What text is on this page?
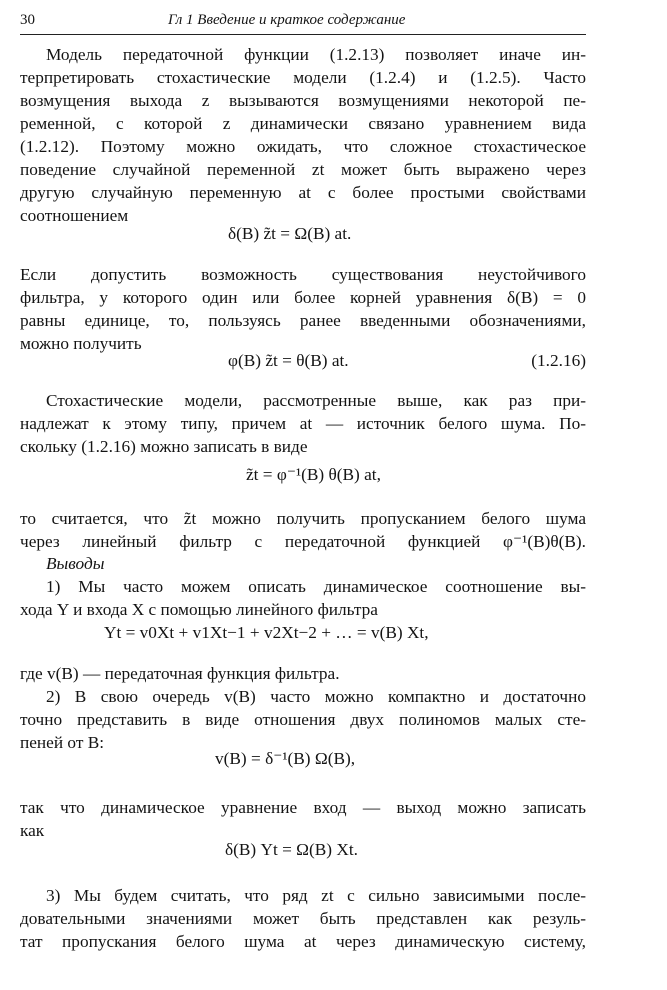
30	Гл 1 Введение и краткое содержание
Модель передаточной функции (1.2.13) позволяет иначе ин-
терпретировать стохастические модели (1.2.4) и (1.2.5). Часто
возмущения выхода z вызываются возмущениями некоторой пе-
ременной, с которой z динамически связано уравнением вида
(1.2.12). Поэтому можно ожидать, что сложное стохастическое
поведение случайной переменной zt может быть выражено через
другую случайную переменную at с более простыми свойствами
соотношением
δ(B) z̃t = Ω(B) at.
Если допустить возможность существования неустойчивого
фильтра, у которого один или более корней уравнения δ(B) = 0
равны единице, то, пользуясь ранее введенными обозначениями,
можно получить
φ(B) z̃t = θ(B) at.	(1.2.16)
Стохастические модели, рассмотренные выше, как раз при-
надлежат к этому типу, причем at — источник белого шума. По-
скольку (1.2.16) можно записать в виде
z̃t = φ⁻¹(B) θ(B) at,
то считается, что z̃t можно получить пропусканием белого шума
через линейный фильтр с передаточной функцией φ⁻¹(B)θ(B).
Выводы
1) Мы часто можем описать динамическое соотношение вы-
хода Y и входа X с помощью линейного фильтра
Yt = v0Xt + v1Xt−1 + v2Xt−2 + … = v(B) Xt,
где v(B) — передаточная функция фильтра.
2) В свою очередь v(B) часто можно компактно и достаточно
точно представить в виде отношения двух полиномов малых сте-
пеней от B:
v(B) = δ⁻¹(B) Ω(B),
так что динамическое уравнение вход — выход можно записать
как
δ(B) Yt = Ω(B) Xt.
3) Мы будем считать, что ряд zt с сильно зависимыми после-
довательными значениями может быть представлен как резуль-
тат пропускания белого шума at через динамическую систему,
